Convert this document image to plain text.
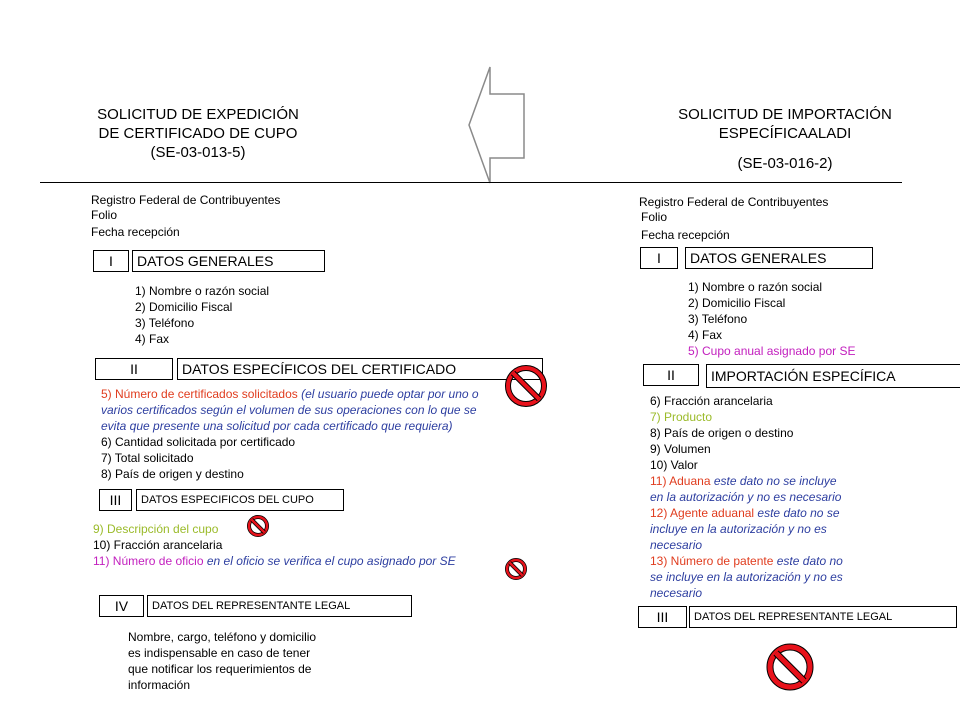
SOLICITUD DE EXPEDICIÓN

DE CERTIFICADO DE CUPO

(SE-03-013-5)

SOLICITUD DE IMPORTACIÓN

ESPECÍFICAALADI

(SE-03-016-2)

Registro Federal de Contribuyentes
Folio
Fecha recepción
I	DATOS GENERALES

1) Nombre o razón social

2) Domicilio Fiscal

3) Teléfono

4) Fax

II	DATOS ESPECÍFICOS DEL CERTIFICADO

5) Número de certificados solicitados (el usuario puede optar por uno o

varios certificados según el volumen de sus operaciones con lo que se

evita que presente una solicitud por cada certificado que requiera)

6) Cantidad solicitada por certificado

7) Total solicitado

8) País de origen y destino

III	DATOS ESPECIFICOS DEL CUPO

9) Descripción del cupo

10) Fracción arancelaria

11) Número de oficio en el oficio se verifica el cupo asignado por SE

IV	DATOS DEL REPRESENTANTE LEGAL

Nombre, cargo, teléfono y domicilio

es indispensable en caso de tener

que notificar los requerimientos de

información

Registro Federal de Contribuyentes
Folio
Fecha recepción
I	DATOS GENERALES

1) Nombre o razón social

2) Domicilio Fiscal

3) Teléfono

4) Fax

5) Cupo anual asignado por SE

II	IMPORTACIÓN ESPECÍFICA

6) Fracción arancelaria

7) Producto

8) País de origen o destino

9) Volumen

10) Valor

11) Aduana este dato no se incluye

en la autorización y no es necesario

12) Agente aduanal este dato no se

incluye en la autorización y no es

necesario

13) Número de patente este dato no

se incluye en la autorización y no es

necesario

III	DATOS DEL REPRESENTANTE LEGAL
